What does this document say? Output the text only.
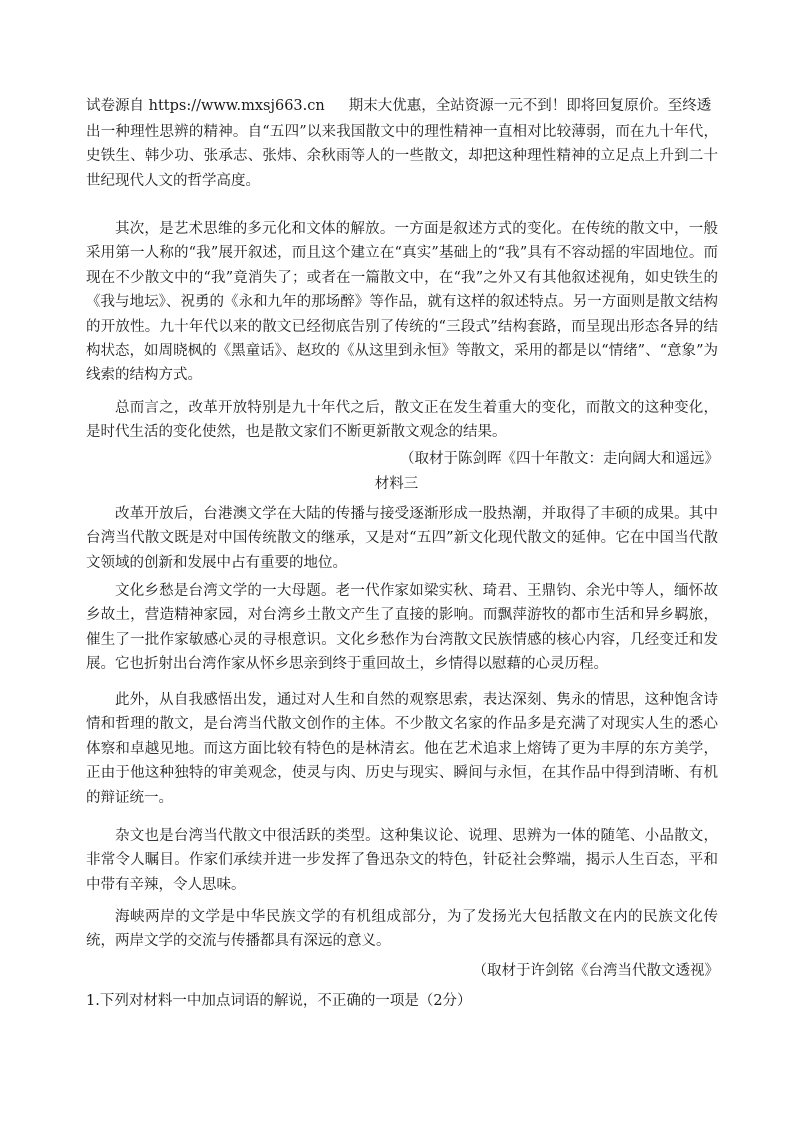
试卷源自 https://www.mxsj663.cn 期末大优惠，全站资源一元不到！即将回复原价。至终透

出一种理性思辨的精神。自“五四”以来我国散文中的理性精神一直相对比较薄弱，而在九十年代，史铁生、韩少功、张承志、张炜、余秋雨等人的一些散文，却把这种理性精神的立足点上升到二十世纪现代人文的哲学高度。

其次，是艺术思维的多元化和文体的解放。一方面是叙述方式的变化。在传统的散文中，一般采用第一人称的“我”展开叙述，而且这个建立在“真实”基础上的“我”具有不容动摇的牢固地位。而现在不少散文中的“我”竟消失了；或者在一篇散文中，在“我”之外又有其他叙述视角，如史铁生的《我与地坛》、祝勇的《永和九年的那场醉》等作品，就有这样的叙述特点。另一方面则是散文结构的开放性。九十年代以来的散文已经彻底告别了传统的“三段式”结构套路，而呈现出形态各异的结构状态，如周晓枫的《黑童话》、赵玫的《从这里到永恒》等散文，采用的都是以“情绪”、“意象”为线索的结构方式。

总而言之，改革开放特别是九十年代之后，散文正在发生着重大的变化，而散文的这种变化，是时代生活的变化使然，也是散文家们不断更新散文观念的结果。

（取材于陈剑晖《四十年散文：走向阔大和遥远》
材料三

改革开放后，台港澳文学在大陆的传播与接受逐渐形成一股热潮，并取得了丰硕的成果。其中台湾当代散文既是对中国传统散文的继承，又是对“五四”新文化现代散文的延伸。它在中国当代散文领域的创新和发展中占有重要的地位。

文化乡愁是台湾文学的一大母题。老一代作家如梁实秋、琦君、王鼎钧、余光中等人，缅怀故乡故土，营造精神家园，对台湾乡土散文产生了直接的影响。而飘萍游牧的都市生活和异乡羁旅，催生了一批作家敏感心灵的寻根意识。文化乡愁作为台湾散文民族情感的核心内容，几经变迁和发展。它也折射出台湾作家从怀乡思亲到终于重回故土，乡情得以慰藉的心灵历程。

此外，从自我感悟出发，通过对人生和自然的观察思索，表达深刻、隽永的情思，这种饱含诗情和哲理的散文，是台湾当代散文创作的主体。不少散文名家的作品多是充满了对现实人生的悉心体察和卓越见地。而这方面比较有特色的是林清玄。他在艺术追求上熔铸了更为丰厚的东方美学，正由于他这种独特的审美观念，使灵与肉、历史与现实、瞬间与永恒，在其作品中得到清晰、有机的辩证统一。

杂文也是台湾当代散文中很活跃的类型。这种集议论、说理、思辨为一体的随笔、小品散文，非常令人瞩目。作家们承续并进一步发挥了鲁迅杂文的特色，针砭社会弊端，揭示人生百态，平和中带有辛辣，令人思味。

海峡两岸的文学是中华民族文学的有机组成部分，为了发扬光大包括散文在内的民族文化传统，两岸文学的交流与传播都具有深远的意义。

（取材于许剑铭《台湾当代散文透视》
1.下列对材料一中加点词语的解说，不正确的一项是（2分）
